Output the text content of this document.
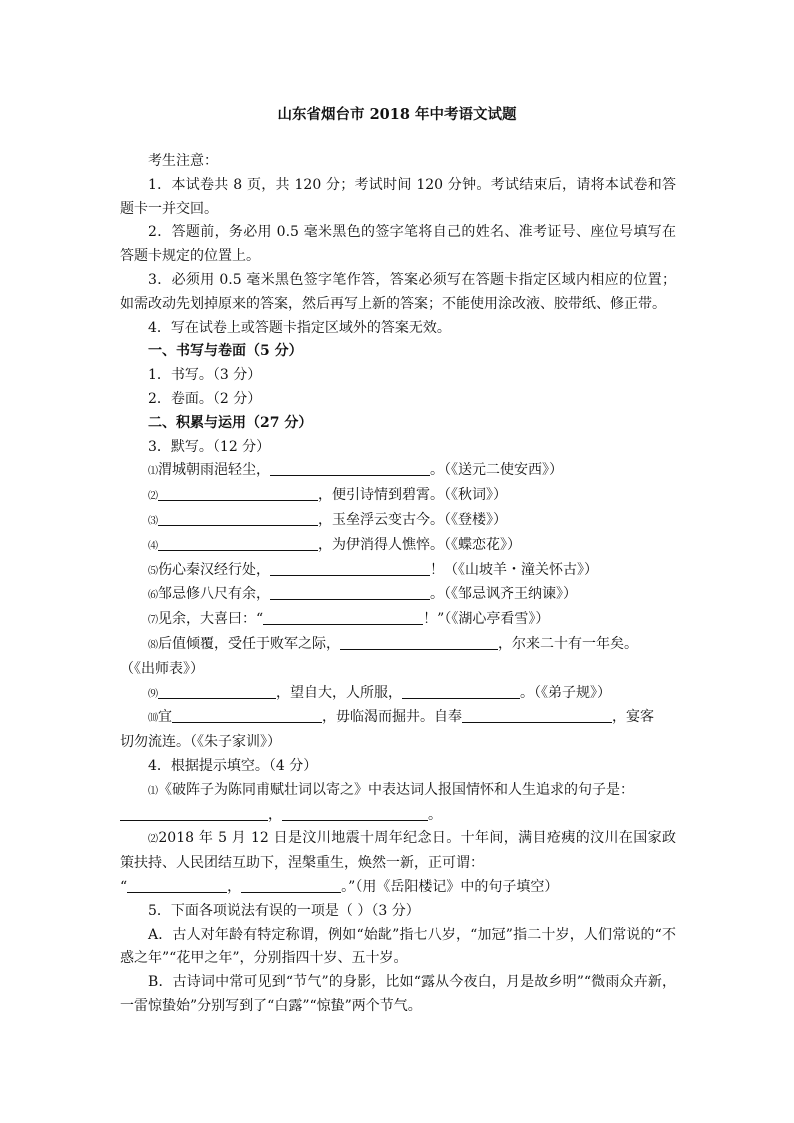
山东省烟台市 2018 年中考语文试题

考生注意：

1．本试卷共 8 页，共 120 分；考试时间 120 分钟。考试结束后，请将本试卷和答题卡一并交回。

2．答题前，务必用 0.5 毫米黑色的签字笔将自己的姓名、准考证号、座位号填写在答题卡规定的位置上。

3．必须用 0.5 毫米黑色签字笔作答，答案必须写在答题卡指定区域内相应的位置；如需改动先划掉原来的答案，然后再写上新的答案；不能使用涂改液、胶带纸、修正带。

4．写在试卷上或答题卡指定区域外的答案无效。

一、书写与卷面（5 分）

1．书写。（3 分）

2．卷面。（2 分）

二、积累与运用（27 分）

3．默写。（12 分）

⑴渭城朝雨浥轻尘，	。（《送元二使安西》）

⑵	，便引诗情到碧霄。（《秋词》）

⑶	，玉垒浮云变古今。（《登楼》）

⑷	，为伊消得人憔悴。（《蝶恋花》）

⑸伤心秦汉经行处，	！（《山坡羊・潼关怀古》）

⑹邹忌修八尺有余，	。（《邹忌讽齐王纳谏》）

⑺见余，大喜曰：“	！”（《湖心亭看雪》）

⑻后值倾覆，受任于败军之际，	，尔来二十有一年矣。

（《出师表》）

⑼	，望自大，人所服，	。（《弟子规》）

⑽宜	，毋临渴而掘井。自奉	，宴客

切勿流连。（《朱子家训》）

4．根据提示填空。（4 分）

⑴《破阵子为陈同甫赋壮词以寄之》中表达词人报国情怀和人生追求的句子是：

，	。

⑵2018 年 5 月 12 日是汶川地震十周年纪念日。十年间，满目疮痍的汶川在国家政策扶持、人民团结互助下，涅槃重生，焕然一新，正可谓：

“	，	。”（用《岳阳楼记》中的句子填空）

5．下面各项说法有误的一项是（ ）（3 分）

A．古人对年龄有特定称谓，例如“始龀”指七八岁，“加冠”指二十岁，人们常说的“不惑之年”“花甲之年”，分别指四十岁、五十岁。

B．古诗词中常可见到“节气”的身影，比如“露从今夜白，月是故乡明”“微雨众卉新，一雷惊蛰始”分别写到了“白露”“惊蛰”两个节气。
